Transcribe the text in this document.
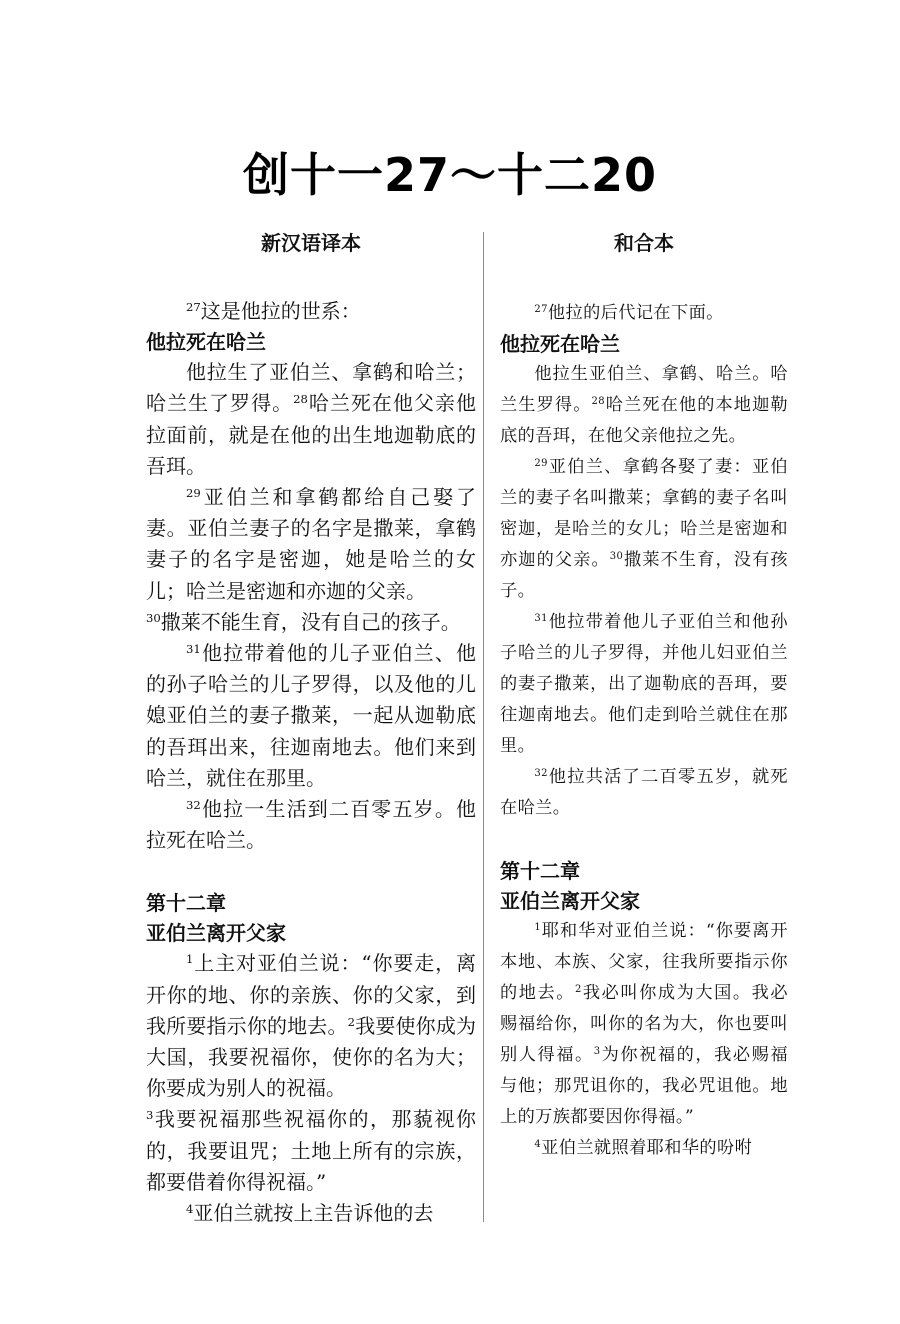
创十一27～十二20
新汉语译本

$^{27}$这是他拉的世系：

他拉死在哈兰

他拉生了亚伯兰、拿鹤和哈兰；哈兰生了罗得。$^{28}$哈兰死在他父亲他拉面前，就是在他的出生地迦勒底的吾珥。

$^{29}$亚伯兰和拿鹤都给自己娶了妻。亚伯兰妻子的名字是撒莱，拿鹤妻子的名字是密迦，她是哈兰的女儿；哈兰是密迦和亦迦的父亲。
$^{30}$撒莱不能生育，没有自己的孩子。

$^{31}$他拉带着他的儿子亚伯兰、他的孙子哈兰的儿子罗得，以及他的儿媳亚伯兰的妻子撒莱，一起从迦勒底的吾珥出来，往迦南地去。他们来到哈兰，就住在那里。

$^{32}$他拉一生活到二百零五岁。他拉死在哈兰。

第十二章
亚伯兰离开父家

$^1$上主对亚伯兰说：“你要走，离开你的地、你的亲族、你的父家，到我所要指示你的地去。$^2$我要使你成为大国，我要祝福你，使你的名为大；你要成为别人的祝福。
$^3$我要祝福那些祝福你的，那藐视你的，我要诅咒；土地上所有的宗族，都要借着你得祝福。”

$^4$亚伯兰就按上主告诉他的去

和合本

$^{27}$他拉的后代记在下面。

他拉死在哈兰

他拉生亚伯兰、拿鹤、哈兰。哈兰生罗得。$^{28}$哈兰死在他的本地迦勒底的吾珥，在他父亲他拉之先。

$^{29}$亚伯兰、拿鹤各娶了妻：亚伯兰的妻子名叫撒莱；拿鹤的妻子名叫密迦，是哈兰的女儿；哈兰是密迦和亦迦的父亲。$^{30}$撒莱不生育，没有孩子。

$^{31}$他拉带着他儿子亚伯兰和他孙子哈兰的儿子罗得，并他儿妇亚伯兰的妻子撒莱，出了迦勒底的吾珥，要往迦南地去。他们走到哈兰就住在那里。

$^{32}$他拉共活了二百零五岁，就死在哈兰。

第十二章
亚伯兰离开父家

$^1$耶和华对亚伯兰说：“你要离开本地、本族、父家，往我所要指示你的地去。$^2$我必叫你成为大国。我必赐福给你，叫你的名为大，你也要叫别人得福。$^3$为你祝福的，我必赐福与他；那咒诅你的，我必咒诅他。地上的万族都要因你得福。”

$^4$亚伯兰就照着耶和华的吩咐
